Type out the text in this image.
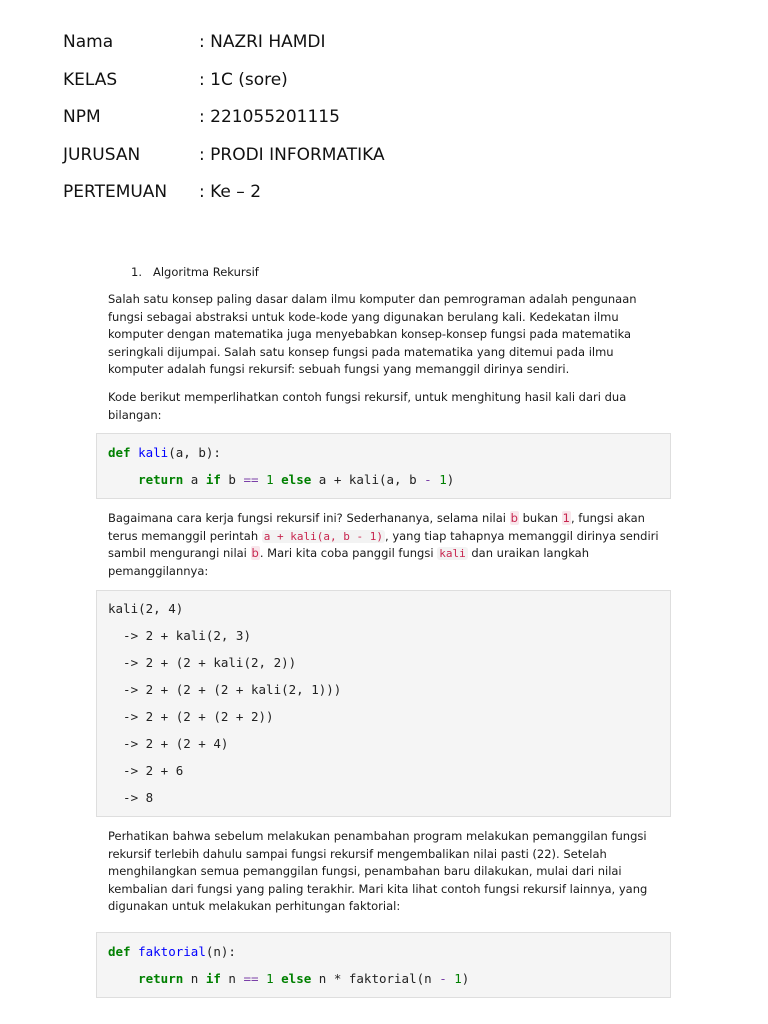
Nama	: NAZRI HAMDI
KELAS	: 1C (sore)
NPM	: 221055201115
JURUSAN	: PRODI INFORMATIKA
PERTEMUAN	: Ke – 2
1. Algoritma Rekursif
Salah satu konsep paling dasar dalam ilmu komputer dan pemrograman adalah pengunaan fungsi sebagai abstraksi untuk kode-kode yang digunakan berulang kali. Kedekatan ilmu komputer dengan matematika juga menyebabkan konsep-konsep fungsi pada matematika seringkali dijumpai. Salah satu konsep fungsi pada matematika yang ditemui pada ilmu komputer adalah fungsi rekursif: sebuah fungsi yang memanggil dirinya sendiri.
Kode berikut memperlihatkan contoh fungsi rekursif, untuk menghitung hasil kali dari dua bilangan:
def kali(a, b):
return a if b == 1 else a + kali(a, b - 1)
Bagaimana cara kerja fungsi rekursif ini? Sederhananya, selama nilai b bukan 1, fungsi akan terus memanggil perintah a + kali(a, b - 1) , yang tiap tahapnya memanggil dirinya sendiri sambil mengurangi nilai b. Mari kita coba panggil fungsi kali dan uraikan langkah pemanggilannya:
kali(2, 4)
-> 2 + kali(2, 3)
-> 2 + (2 + kali(2, 2))
-> 2 + (2 + (2 + kali(2, 1)))
-> 2 + (2 + (2 + 2))
-> 2 + (2 + 4)
-> 2 + 6
-> 8
Perhatikan bahwa sebelum melakukan penambahan program melakukan pemanggilan fungsi rekursif terlebih dahulu sampai fungsi rekursif mengembalikan nilai pasti (22). Setelah menghilangkan semua pemanggilan fungsi, penambahan baru dilakukan, mulai dari nilai kembalian dari fungsi yang paling terakhir. Mari kita lihat contoh fungsi rekursif lainnya, yang digunakan untuk melakukan perhitungan faktorial:
def faktorial(n):
return n if n == 1 else n * faktorial(n - 1)
